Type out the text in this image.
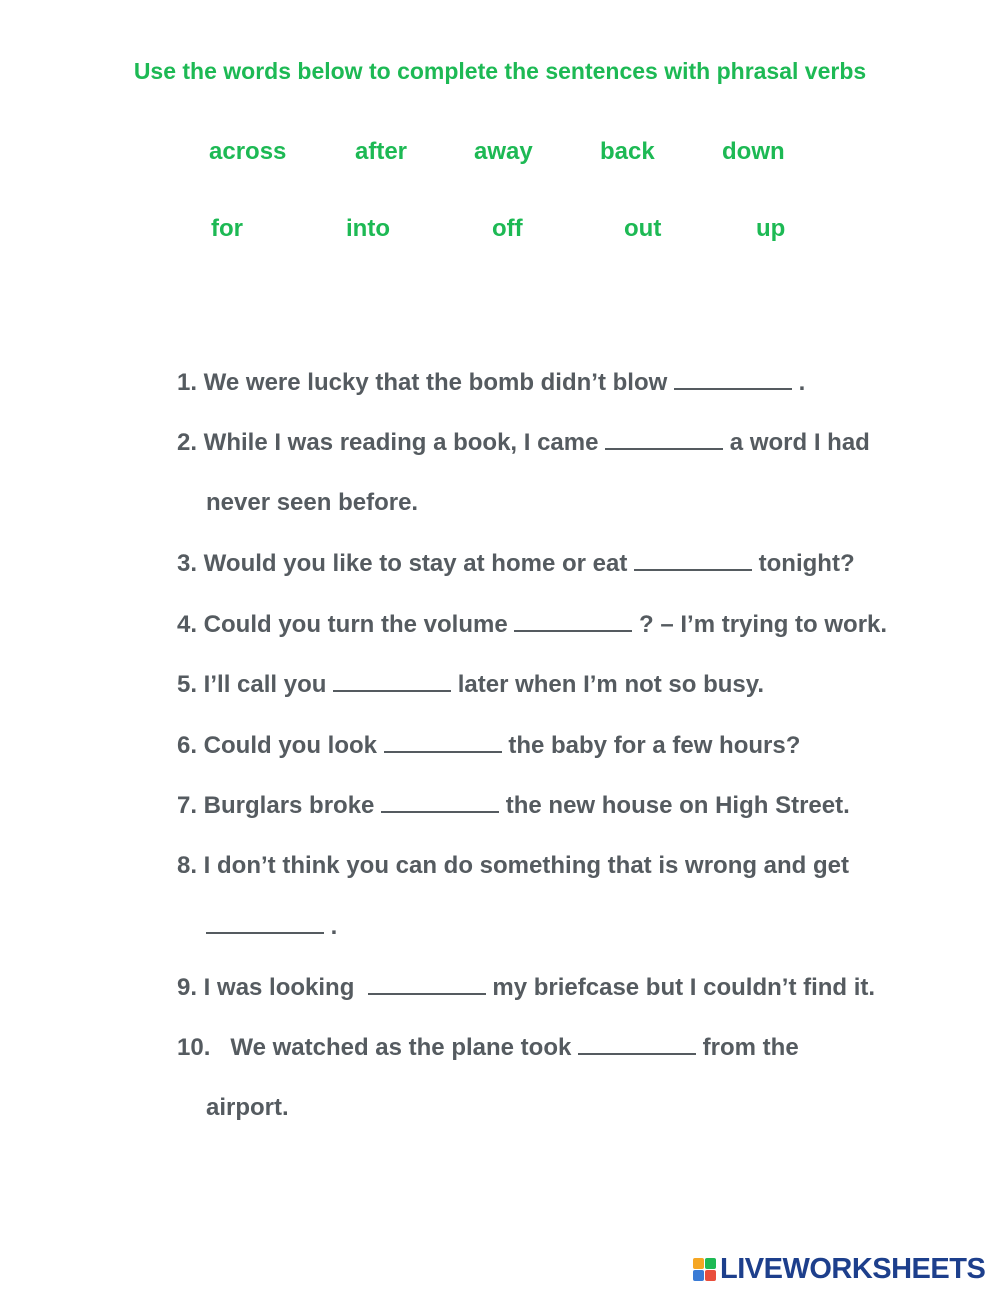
Use the words below to complete the sentences with phrasal verbs
across	after	away	back	down
for	into	off	out	up
1. We were lucky that the bomb didn’t blow	.
2. While I was reading a book, I came	a word I had
never seen before.
3. Would you like to stay at home or eat	tonight?
4. Could you turn the volume	? – I’m trying to work.
5. I’ll call you	later when I’m not so busy.
6. Could you look	the baby for a few hours?
7. Burglars broke	the new house on High Street.
8. I don’t think you can do something that is wrong and get
.
9. I was looking	my briefcase but I couldn’t find it.
10.   We watched as the plane took	from the
airport.
LIVEWORKSHEETS
